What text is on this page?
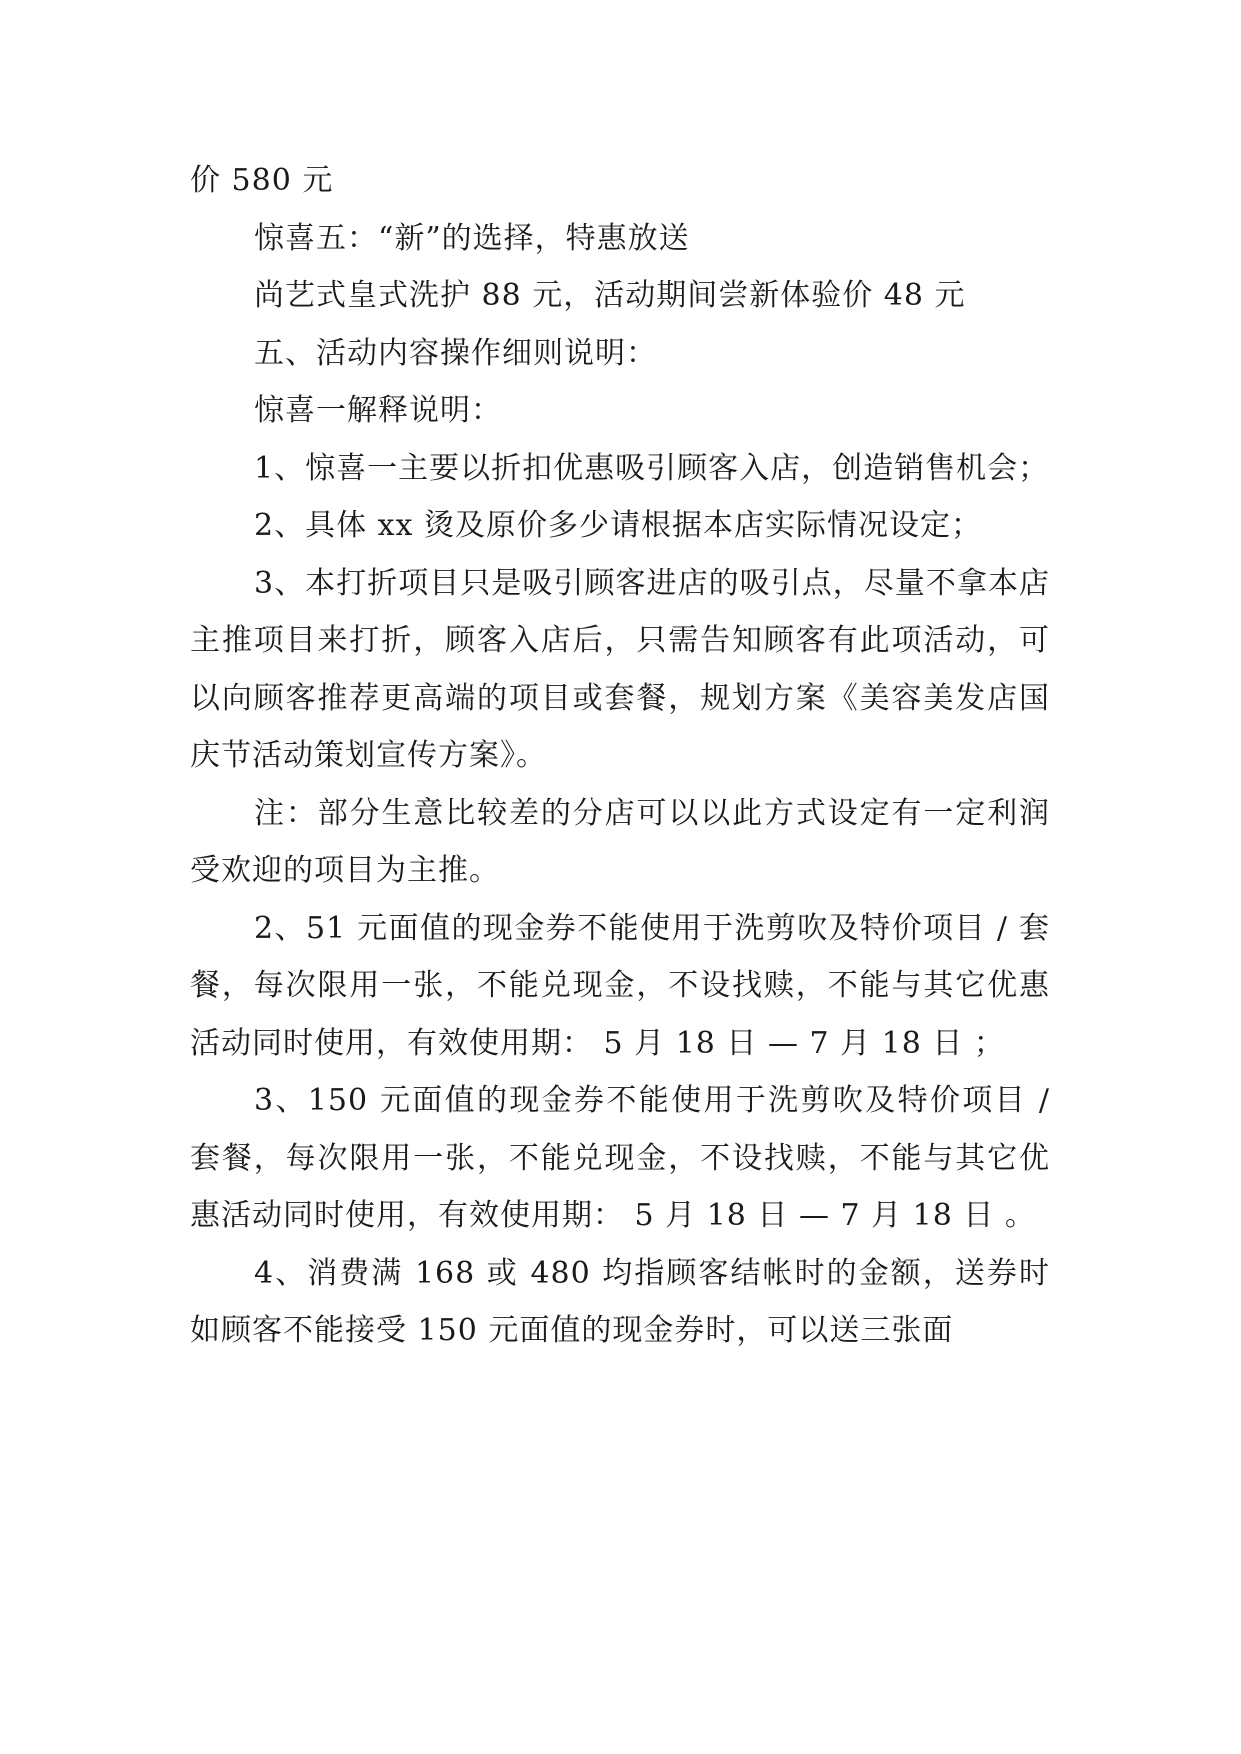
价 580 元

惊喜五：“新”的选择，特惠放送

尚艺式皇式洗护 88 元，活动期间尝新体验价 48 元

五、活动内容操作细则说明：

惊喜一解释说明：

1、惊喜一主要以折扣优惠吸引顾客入店，创造销售机会；

2、具体 xx 烫及原价多少请根据本店实际情况设定；

3、本打折项目只是吸引顾客进店的吸引点，尽量不拿本店主推项目来打折，顾客入店后，只需告知顾客有此项活动，可以向顾客推荐更高端的项目或套餐，规划方案《美容美发店国庆节活动策划宣传方案》。

注：部分生意比较差的分店可以以此方式设定有一定利润受欢迎的项目为主推。

2、51 元面值的现金券不能使用于洗剪吹及特价项目 / 套餐，每次限用一张，不能兑现金，不设找赎，不能与其它优惠活动同时使用，有效使用期： 5 月 18 日 — 7 月 18 日 ；

3、150 元面值的现金券不能使用于洗剪吹及特价项目 / 套餐，每次限用一张，不能兑现金，不设找赎，不能与其它优惠活动同时使用，有效使用期： 5 月 18 日 — 7 月 18 日 。

4、消费满 168 或 480 均指顾客结帐时的金额，送券时如顾客不能接受 150 元面值的现金券时，可以送三张面
